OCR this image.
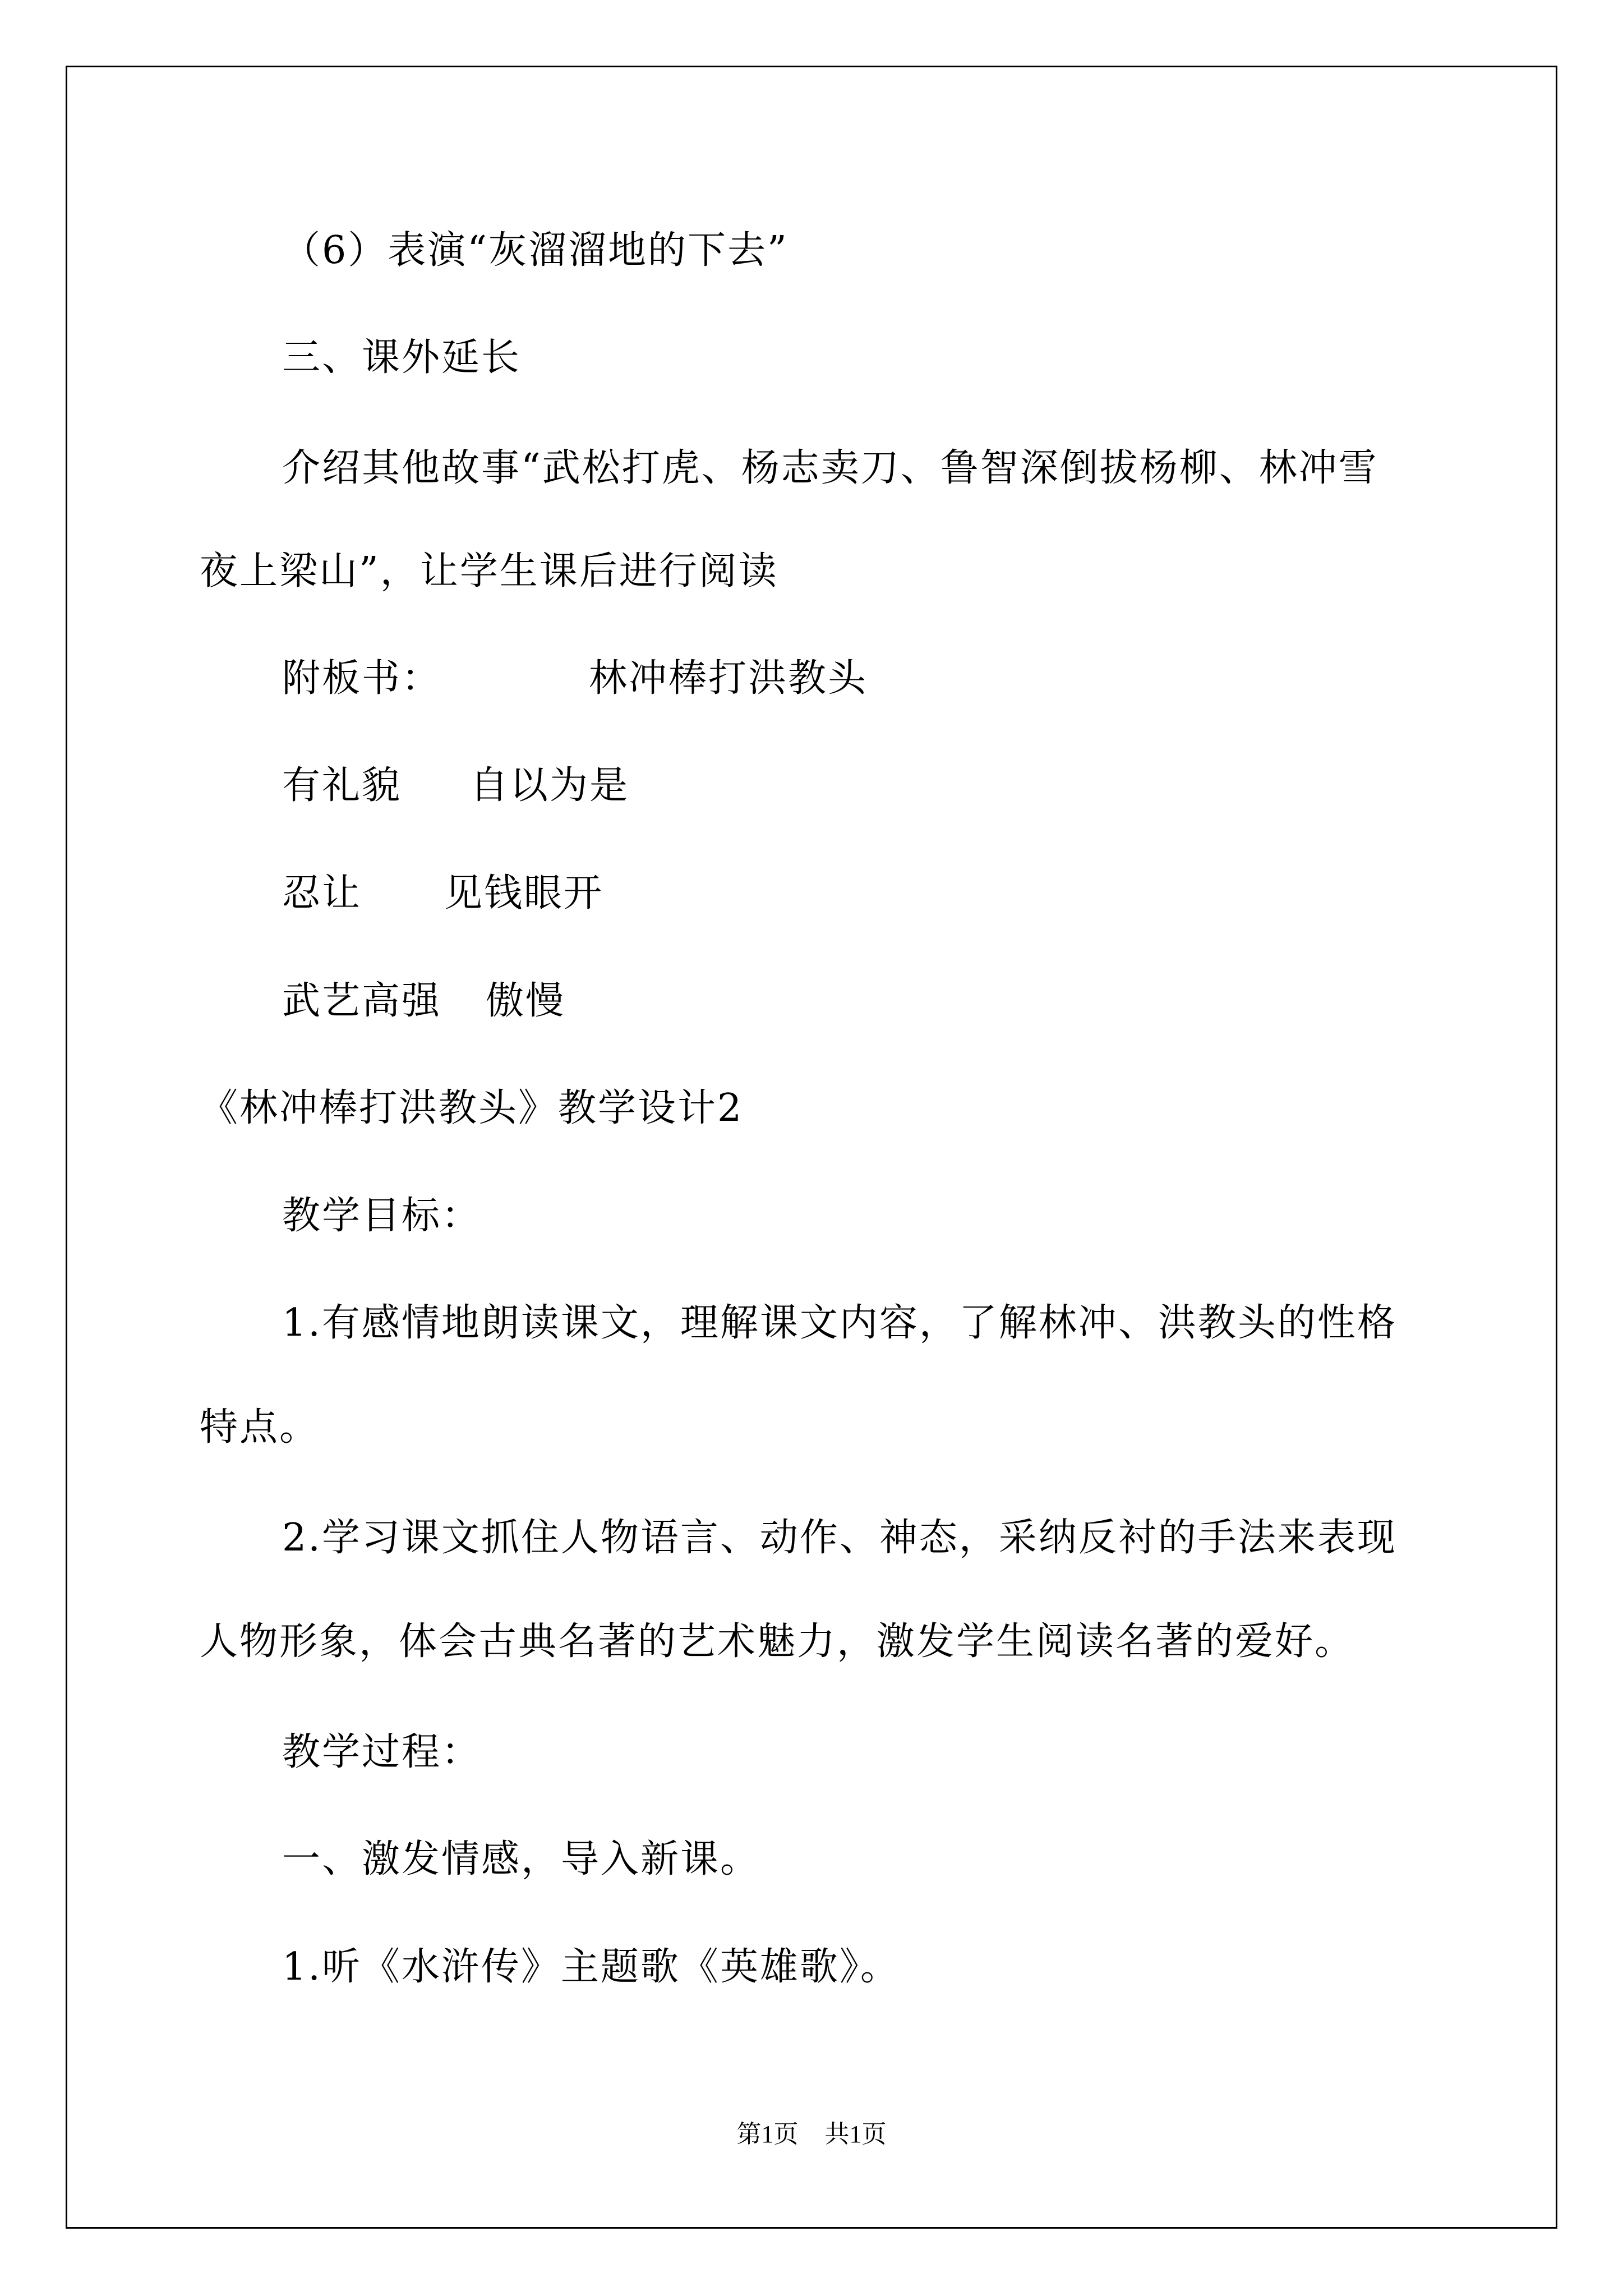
（6）表演“灰溜溜地的下去”
三、课外延长
介绍其他故事“武松打虎、杨志卖刀、鲁智深倒拔杨柳、林冲雪
夜上梁山”，让学生课后进行阅读
附板书：	林冲棒打洪教头
有礼貌 自以为是
忍让 见钱眼开
武艺高强 傲慢
《林冲棒打洪教头》教学设计2
教学目标：
1.有感情地朗读课文，理解课文内容，了解林冲、洪教头的性格
特点。
2.学习课文抓住人物语言、动作、神态，采纳反衬的手法来表现
人物形象，体会古典名著的艺术魅力，激发学生阅读名著的爱好。
教学过程：
一、激发情感，导入新课。
1.听《水浒传》主题歌《英雄歌》。
第1页 共1页
